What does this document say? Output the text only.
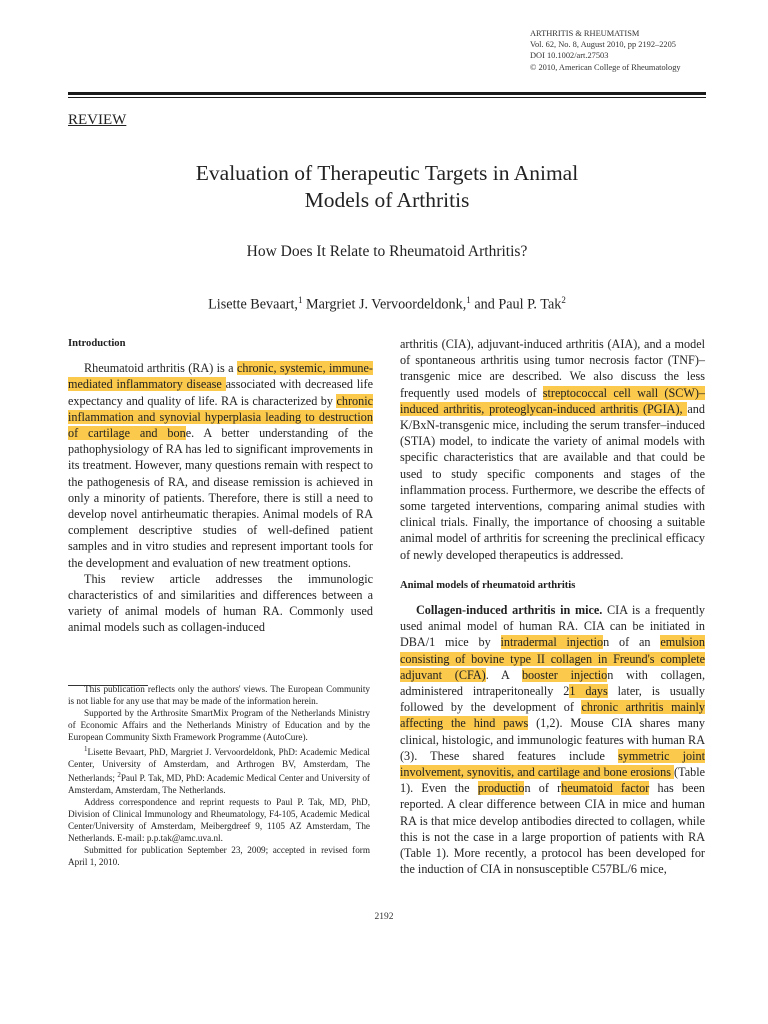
ARTHRITIS & RHEUMATISM
Vol. 62, No. 8, August 2010, pp 2192–2205
DOI 10.1002/art.27503
© 2010, American College of Rheumatology
REVIEW
Evaluation of Therapeutic Targets in Animal
Models of Arthritis
How Does It Relate to Rheumatoid Arthritis?
Lisette Bevaart,$^1$ Margriet J. Vervoordeldonk,$^1$ and Paul P. Tak$^2$
Introduction

Rheumatoid arthritis (RA) is a chronic, systemic, immune-mediated inflammatory disease associated with decreased life expectancy and quality of life. RA is characterized by chronic inflammation and synovial hyperplasia leading to destruction of cartilage and bone. A better understanding of the pathophysiology of RA has led to significant improvements in its treatment. However, many questions remain with respect to the pathogenesis of RA, and disease remission is achieved in only a minority of patients. Therefore, there is still a need to develop novel antirheumatic therapies. Animal models of RA complement descriptive studies of well-defined patient samples and in vitro studies and represent important tools for the development and evaluation of new treatment options.

This review article addresses the immunologic characteristics of and similarities and differences between a variety of animal models of human RA. Commonly used animal models such as collagen-induced

This publication reflects only the authors' views. The European Community is not liable for any use that may be made of the information herein.

Supported by the Arthrosite SmartMix Program of the Netherlands Ministry of Economic Affairs and the Netherlands Ministry of Education and by the European Community Sixth Framework Programme (AutoCure).

$^1$Lisette Bevaart, PhD, Margriet J. Vervoordeldonk, PhD: Academic Medical Center, University of Amsterdam, and Arthrogen BV, Amsterdam, The Netherlands; $^2$Paul P. Tak, MD, PhD: Academic Medical Center and University of Amsterdam, Amsterdam, The Netherlands.

Address correspondence and reprint requests to Paul P. Tak, MD, PhD, Division of Clinical Immunology and Rheumatology, F4-105, Academic Medical Center/University of Amsterdam, Meibergdreef 9, 1105 AZ Amsterdam, The Netherlands. E-mail: p.p.tak@amc.uva.nl.

Submitted for publication September 23, 2009; accepted in revised form April 1, 2010.

arthritis (CIA), adjuvant-induced arthritis (AIA), and a model of spontaneous arthritis using tumor necrosis factor (TNF)–transgenic mice are described. We also discuss the less frequently used models of streptococcal cell wall (SCW)–induced arthritis, proteoglycan-induced arthritis (PGIA), and K/BxN-transgenic mice, including the serum transfer–induced (STIA) model, to indicate the variety of animal models with specific characteristics that are available and that could be used to study specific components and stages of the inflammation process. Furthermore, we describe the effects of some targeted interventions, comparing animal studies with clinical trials. Finally, the importance of choosing a suitable animal model of arthritis for screening the preclinical efficacy of newly developed therapeutics is addressed.

Animal models of rheumatoid arthritis

Collagen-induced arthritis in mice. CIA is a frequently used animal model of human RA. CIA can be initiated in DBA/1 mice by intradermal injection of an emulsion consisting of bovine type II collagen in Freund's complete adjuvant (CFA). A booster injection with collagen, administered intraperitoneally 21 days later, is usually followed by the development of chronic arthritis mainly affecting the hind paws (1,2). Mouse CIA shares many clinical, histologic, and immunologic features with human RA (3). These shared features include symmetric joint involvement, synovitis, and cartilage and bone erosions (Table 1). Even the production of rheumatoid factor has been reported. A clear difference between CIA in mice and human RA is that mice develop antibodies directed to collagen, while this is not the case in a large proportion of patients with RA (Table 1). More recently, a protocol has been developed for the induction of CIA in nonsusceptible C57BL/6 mice,

2192
